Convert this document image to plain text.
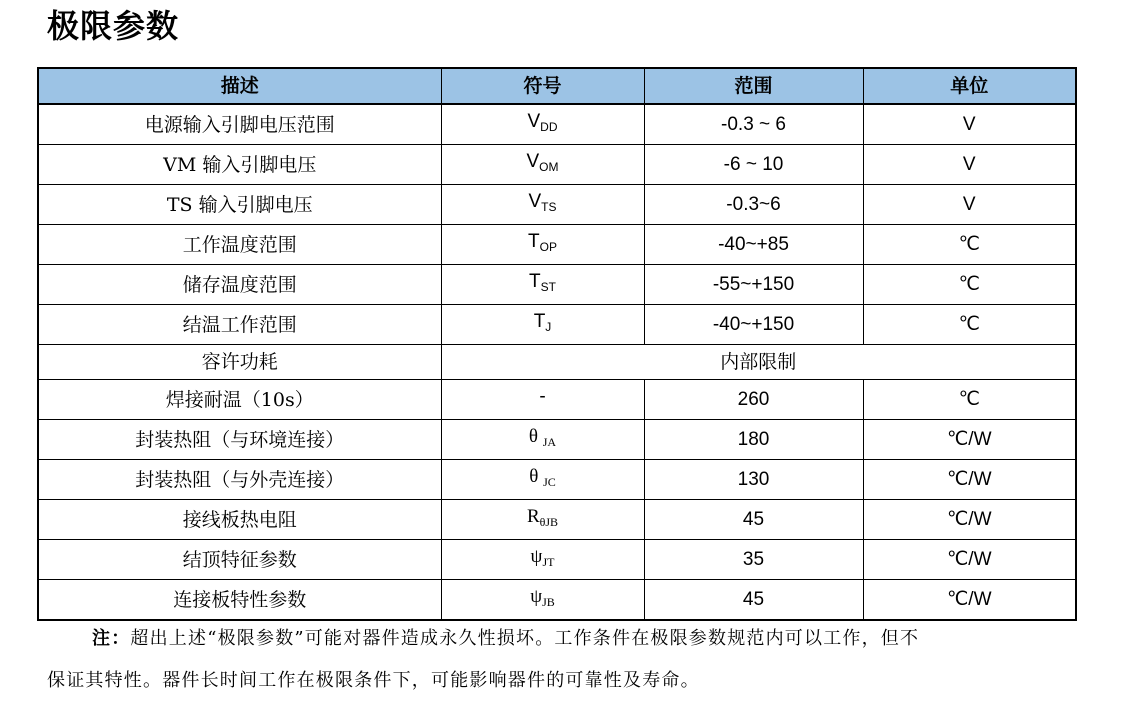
极限参数
描述	符号	范围	单位
电源输入引脚电压范围	$V_{DD}$	-0.3 ~ 6	V
VM 输入引脚电压	$V_{OM}$	-6 ~ 10	V
TS 输入引脚电压	$V_{TS}$	-0.3~6	V
工作温度范围	$T_{OP}$	-40~+85	℃
储存温度范围	$T_{ST}$	-55~+150	℃
结温工作范围	$T_J$	-40~+150	℃
容许功耗	内部限制		
焊接耐温（10s）	-	260	℃
封装热阻（与环境连接）	θ $_{JA}$	180	℃/W
封装热阻（与外壳连接）	θ $_{JC}$	130	℃/W
接线板热电阻	$R_{\theta JB}$	45	℃/W
结顶特征参数	$\psi_{JT}$	35	℃/W
连接板特性参数	$\psi_{JB}$	45	℃/W
注：超出上述“极限参数”可能对器件造成永久性损坏。工作条件在极限参数规范内可以工作，但不
保证其特性。器件长时间工作在极限条件下，可能影响器件的可靠性及寿命。
